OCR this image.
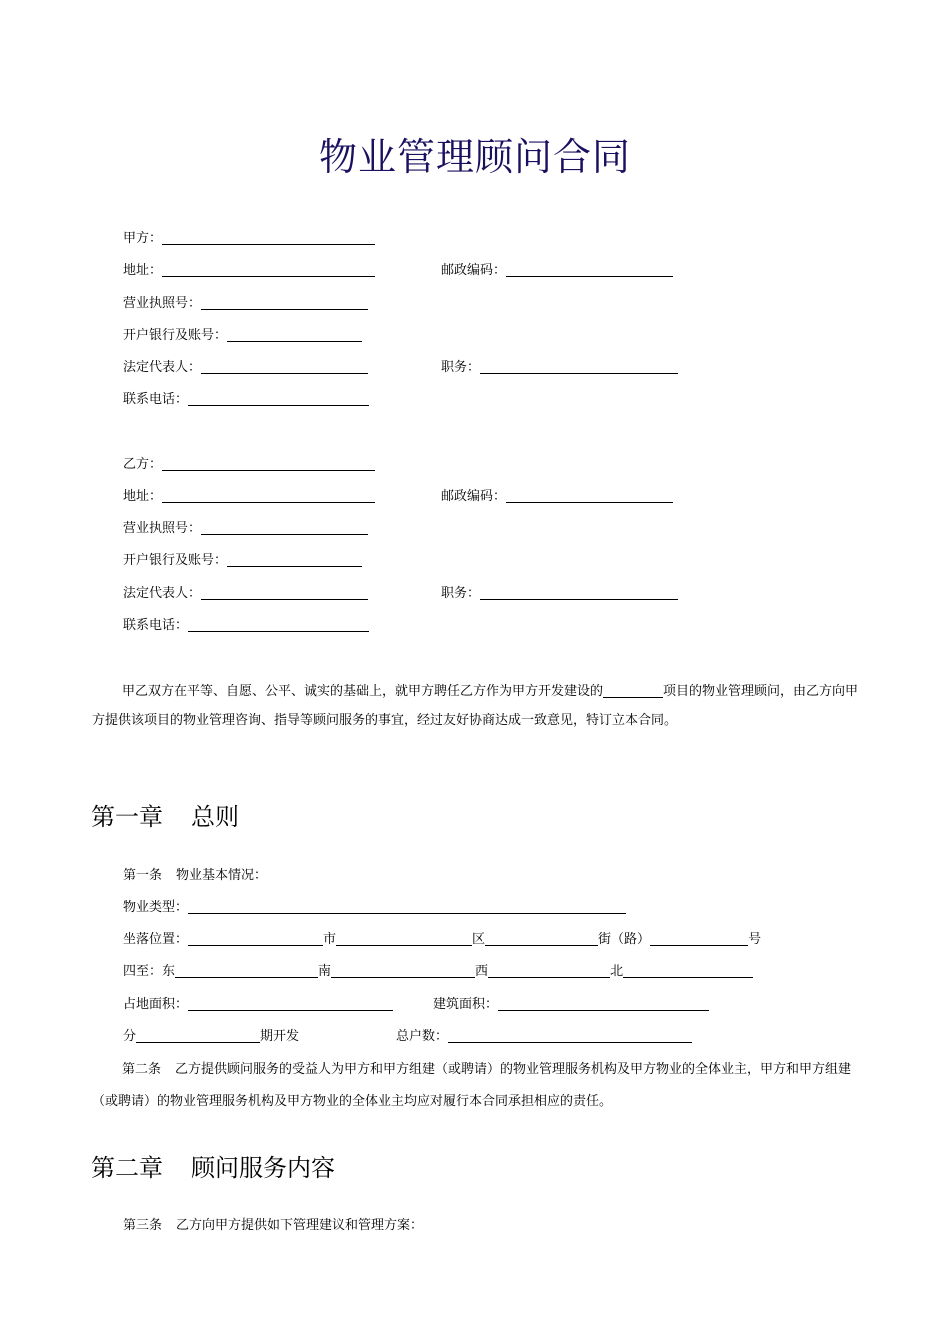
物业管理顾问合同
甲方：
地址：	邮政编码：
营业执照号：
开户银行及账号：
法定代表人：	职务：
联系电话：
乙方：
地址：	邮政编码：
营业执照号：
开户银行及账号：
法定代表人：	职务：
联系电话：
甲乙双方在平等、自愿、公平、诚实的基础上，就甲方聘任乙方作为甲方开发建设的	项目的物业管理顾问，由乙方向甲方提供该项目的物业管理咨询、指导等顾问服务的事宜，经过友好协商达成一致意见，特订立本合同。
第一章 总则
第一条 物业基本情况：
物业类型：
坐落位置：	市	区	街（路）	号
四至：东	南	西	北
占地面积：	建筑面积：
分	期开发	总户数：
第二条 乙方提供顾问服务的受益人为甲方和甲方组建（或聘请）的物业管理服务机构及甲方物业的全体业主，甲方和甲方组建（或聘请）的物业管理服务机构及甲方物业的全体业主均应对履行本合同承担相应的责任。
第二章 顾问服务内容
第三条 乙方向甲方提供如下管理建议和管理方案：
